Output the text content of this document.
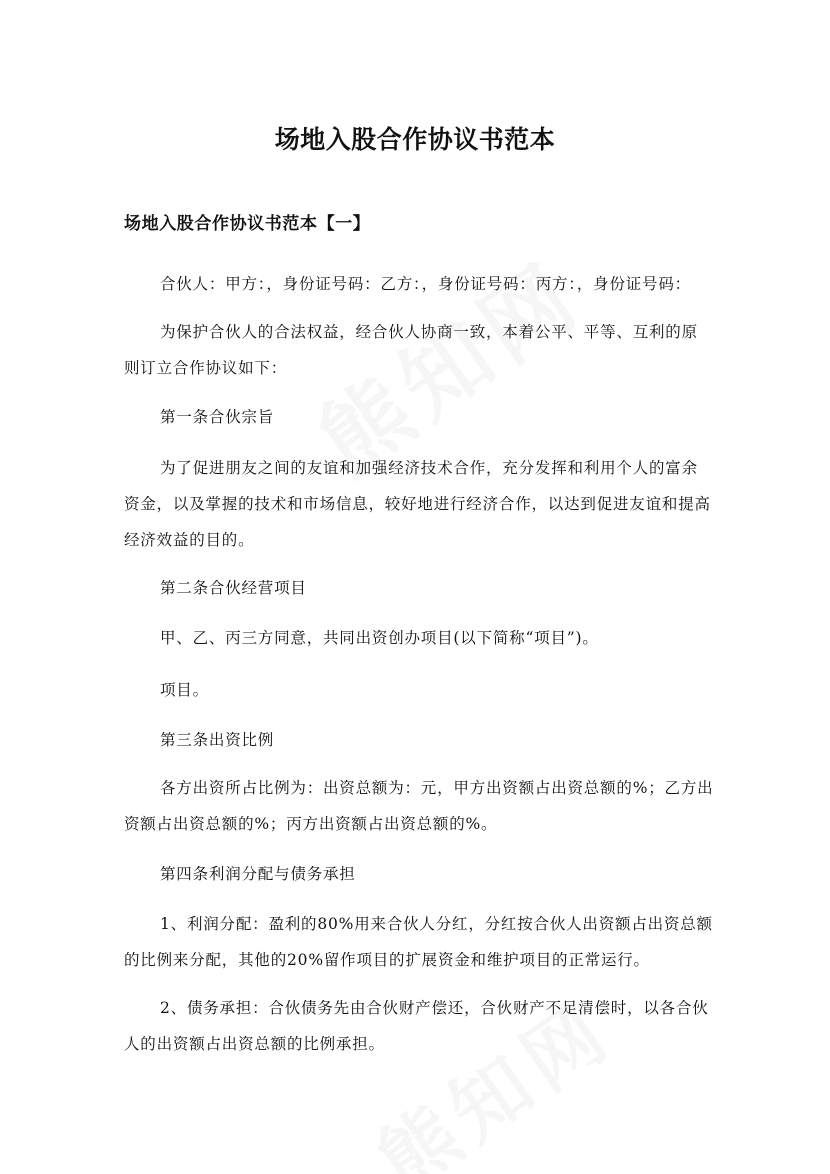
场地入股合作协议书范本
场地入股合作协议书范本【一】
合伙人：甲方：，身份证号码：乙方：，身份证号码：丙方：，身份证号码：
为保护合伙人的合法权益，经合伙人协商一致，本着公平、平等、互利的原则订立合作协议如下：
第一条合伙宗旨
为了促进朋友之间的友谊和加强经济技术合作，充分发挥和利用个人的富余资金，以及掌握的技术和市场信息，较好地进行经济合作，以达到促进友谊和提高经济效益的目的。
第二条合伙经营项目
甲、乙、丙三方同意，共同出资创办项目(以下简称“项目”)。
项目。
第三条出资比例
各方出资所占比例为：出资总额为：元，甲方出资额占出资总额的%；乙方出资额占出资总额的%；丙方出资额占出资总额的%。
第四条利润分配与债务承担
1、利润分配：盈利的80%用来合伙人分红，分红按合伙人出资额占出资总额的比例来分配，其他的20%留作项目的扩展资金和维护项目的正常运行。
2、债务承担：合伙债务先由合伙财产偿还，合伙财产不足清偿时，以各合伙人的出资额占出资总额的比例承担。
